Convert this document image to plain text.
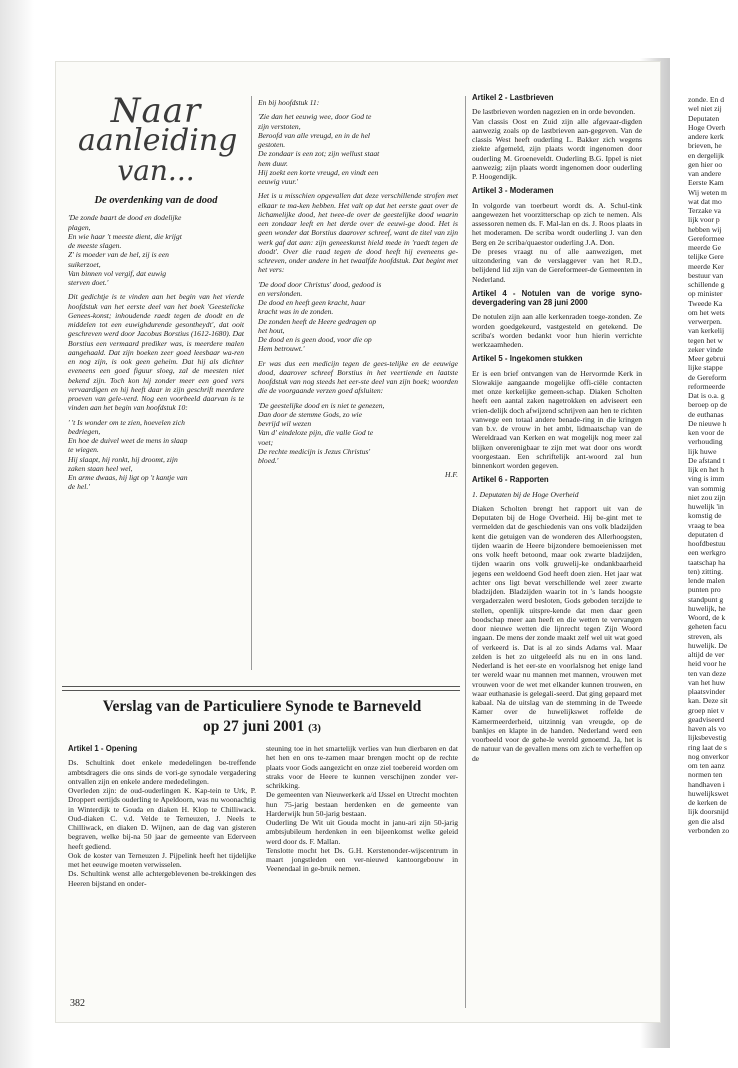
Naar
aanleiding
van...
De overdenking van de dood
'De zonde baart de dood en dodelijke
plagen,
En wie haar 't meeste dient, die krijgt
de meeste slagen.
Z' is moeder van de hel, zij is een
suikerzoet,
Van binnen vol vergif, dat euwig
sterven doet.'

Dit gedichtje is te vinden aan het begin van het vierde hoofdstuk van het eerste deel van het boek 'Geestelicke Genees-konst; inhoudende raedt tegen de doodt en de middelen tot een euwighdurende gesontheydt', dat ooit geschreven werd door Jacobus Borstius (1612-1680). Dat Borstius een vermaard prediker was, is meerdere malen aangehaald. Dat zijn boeken zeer goed leesbaar wa-ren en nog zijn, is ook geen geheim. Dat hij als dichter eveneens een goed figuur sloeg, zal de meesten niet bekend zijn. Toch kon hij zonder meer een goed vers vervaardigen en hij heeft daar in zijn geschrift meerdere proeven van gele-verd. Nog een voorbeeld daarvan is te vinden aan het begin van hoofdstuk 10:

' 't Is wonder om te zien, hoevelen zich
bedriegen,
En hoe de duivel weet de mens in slaap
te wiegen.
Hij slaapt, hij ronkt, hij droomt, zijn
zaken staan heel wel,
En arme dwaas, hij ligt op 't kantje van
de hel.'

En bij hoofdstuk 11:

'Zie dan het eeuwig wee, door God te
zijn verstoten,
Beroofd van alle vreugd, en in de hel
gestoten.
De zondaar is een zot; zijn wellust staat
hem duur.
Hij zoekt een korte vreugd, en vindt een
eeuwig vuur.'

Het is u misschien opgevallen dat deze verschillende strofen met elkaar te ma-ken hebben. Het valt op dat het eerste gaat over de lichamelijke dood, het twee-de over de geestelijke dood waarin een zondaar leeft en het derde over de eeuwi-ge dood. Het is geen wonder dat Borstius daarover schreef, want de titel van zijn werk gaf dat aan: zijn geneeskunst hield mede in 'raedt tegen de doodt'. Over die raad tegen de dood heeft hij eveneens ge-schreven, onder andere in het twaalfde hoofdstuk. Dat begint met het vers:

'De dood door Christus' dood, gedood is
en verslonden.
De dood en heeft geen kracht, haar
kracht was in de zonden.
De zonden heeft de Heere gedragen op
het hout,
De dood en is geen dood, voor die op
Hem betrouwt.'

Er was dus een medicijn tegen de gees-telijke en de eeuwige dood, daarover schreef Borstius in het veertiende en laatste hoofdstuk van nog steeds het eer-ste deel van zijn boek; woorden die de voorgaande verzen goed afsluiten:

'De geestelijke dood en is niet te genezen,
Dan door de stemme Gods, zo wie
bevrijd wil wezen
Van d' eindeloze pijn, die valle God te
voet;
De rechte medicijn is Jezus Christus'
bloed.'
H.F.
Verslag van de Particuliere Synode te Barneveld
op 27 juni 2001 (3)

Artikel 1 - Opening

Ds. Schultink doet enkele mededelingen be-treffende ambtsdragers die ons sinds de vori-ge synodale vergadering ontvallen zijn en enkele andere mededelingen.

Overleden zijn: de oud-ouderlingen K. Kap-tein te Urk, P. Droppert eertijds ouderling te Apeldoorn, was nu woonachtig in Winterdijk te Gouda en diaken H. Klop te Chilliwack. Oud-diaken C. v.d. Velde te Terneuzen, J. Neels te Chilliwack, en diaken D. Wijnen, aan de dag van gisteren begraven, welke bij-na 50 jaar de gemeente van Ederveen heeft gediend.

Ook de koster van Terneuzen J. Pijpelink heeft het tijdelijke met het eeuwige moeten verwisselen.

Ds. Schultink wenst alle achtergeblevenen be-trekkingen des Heeren bijstand en onder-

steuning toe in het smartelijk verlies van hun dierbaren en dat het hen en ons te-zamen maar brengen mocht op de rechte plaats voor Gods aangezicht en onze ziel toebereid worden om straks voor de Heere te kunnen verschijnen zonder ver-schrikking.

De gemeenten van Nieuwerkerk a/d IJssel en Utrecht mochten hun 75-jarig bestaan herdenken en de gemeente van Harderwijk hun 50-jarig bestaan.

Ouderling De Wit uit Gouda mocht in janu-ari zijn 50-jarig ambtsjubileum herdenken in een bijeenkomst welke geleid werd door ds. F. Mallan.

Tenslotte mocht het Ds. G.H. Kerstenonder-wijscentrum in maart jongstleden een ver-nieuwd kantoorgebouw in Veenendaal in ge-bruik nemen.

Artikel 2 - Lastbrieven

De lastbrieven worden nagezien en in orde bevonden.

Van classis Oost en Zuid zijn alle afgevaar-digden aanwezig zoals op de lastbrieven aan-gegeven. Van de classis West heeft ouderling L. Bakker zich wegens ziekte afgemeld, zijn plaats wordt ingenomen door ouderling M. Groeneveldt. Ouderling B.G. Ippel is niet aanwezig; zijn plaats wordt ingenomen door ouderling P. Hoogendijk.

Artikel 3 - Moderamen

In volgorde van toerbeurt wordt ds. A. Schul-tink aangewezen het voorzitterschap op zich te nemen. Als assessoren nemen ds. F. Mal-lan en ds. J. Roos plaats in het moderamen. De scriba wordt ouderling J. van den Berg en 2e scriba/quaestor ouderling J.A. Don.

De preses vraagt nu of alle aanwezigen, met uitzondering van de verslaggever van het R.D., belijdend lid zijn van de Gereformeer-de Gemeenten in Nederland.

Artikel 4 - Notulen van de vorige syno-devergadering van 28 juni 2000

De notulen zijn aan alle kerkenraden toege-zonden. Ze worden goedgekeurd, vastgesteld en getekend. De scriba's worden bedankt voor hun hierin verrichte werkzaamheden.

Artikel 5 - Ingekomen stukken

Er is een brief ontvangen van de Hervormde Kerk in Slowakije aangaande mogelijke offi-ciële contacten met onze kerkelijke gemeen-schap. Diaken Scholten heeft een aantal zaken nagetrokken en adviseert een vrien-delijk doch afwijzend schrijven aan hen te richten vanwege een totaal andere benade-ring in die kringen van b.v. de vrouw in het ambt, lidmaatschap van de Wereldraad van Kerken en wat mogelijk nog meer zal blijken onverenigbaar te zijn met wat door ons wordt voorgestaan. Een schriftelijk ant-woord zal hun binnenkort worden gegeven.

Artikel 6 - Rapporten

1. Deputaten bij de Hoge Overheid

Diaken Scholten brengt het rapport uit van de Deputaten bij de Hoge Overheid. Hij be-gint met te vermelden dat de geschiedenis van ons volk bladzijden kent die getuigen van de wonderen des Allerhoogsten, tijden waarin de Heere bijzondere bemoeienissen met ons volk heeft betoond, maar ook zwarte bladzijden, tijden waarin ons volk gruwelij-ke ondankbaarheid jegens een weldoend God heeft doen zien. Het jaar wat achter ons ligt bevat verschillende wel zeer zwarte bladzijden. Bladzijden waarin tot in 's lands hoogste vergaderzalen werd besloten, Gods geboden terzijde te stellen, openlijk uitspre-kende dat men daar geen boodschap meer aan heeft en die wetten te vervangen door nieuwe wetten die lijnrecht tegen Zijn Woord ingaan. De mens der zonde maakt zelf wel uit wat goed of verkeerd is. Dat is al zo sinds Adams val. Maar zelden is het zo uitgeleefd als nu en in ons land. Nederland is het eer-ste en voorlalsnog het enige land ter wereld waar nu mannen met mannen, vrouwen met vrouwen voor de wet met elkander kunnen trouwen, en waar euthanasie is gelegali-seerd. Dat ging gepaard met kabaal. Na de uitslag van de stemming in de Tweede Kamer over de huwelijkswet roffelde de Kamermeerderheid, uitzinnig van vreugde, op de bankjes en klapte in de handen. Nederland werd een voorbeeld voor de gehe-le wereld genoemd. Ja, het is de natuur van de gevallen mens om zich te verheffen op de

zonde. En d
wel niet zij
Deputaten
Hoge Overh
andere kerk
brieven, he
en dergelijk
gen hier oo
van andere
Eerste Kam
Wij weten m
wat dat mo
Terzake va
lijk voor p
hebben wij
Gereformee
meerde Ge
telijke Gere
meerde Ker
bestuur van
schillende g
op minister
Tweede Ka
om het wets
verwerpen.
van kerkelij
tegen het w
zeker vinde
Meer gebrui
lijke stappe
de Gereform
reformeerde
Dat is o.a. g
beroep op de
de euthanas
De nieuwe h
ken voor de
verhouding
lijk huwe
De afstand t
lijk en het h
ving is imm
van sommig
niet zou zijn
huwelijk 'in
komstig de
vraag te bea
deputaten d
hoofdbestuu
een werkgro
taatschap ha
ten) zitting.
lende malen
punten pro
standpunt g
huwelijk, he
Woord, de k
geheten facu
streven, als
huwelijk. De
altijd de ver
heid voor he
ten van deze
van het huw
plaatsvinder
kan. Deze sit
groep niet v
geadviseerd
haven als vo
lijksbevestig
ring laat de s
nog onverkor
om ten aanz
normen ten
handhaven i
huwelijkswet
de kerken de
lijk doorsnijd
gen die alsd
verbonden zo
382
